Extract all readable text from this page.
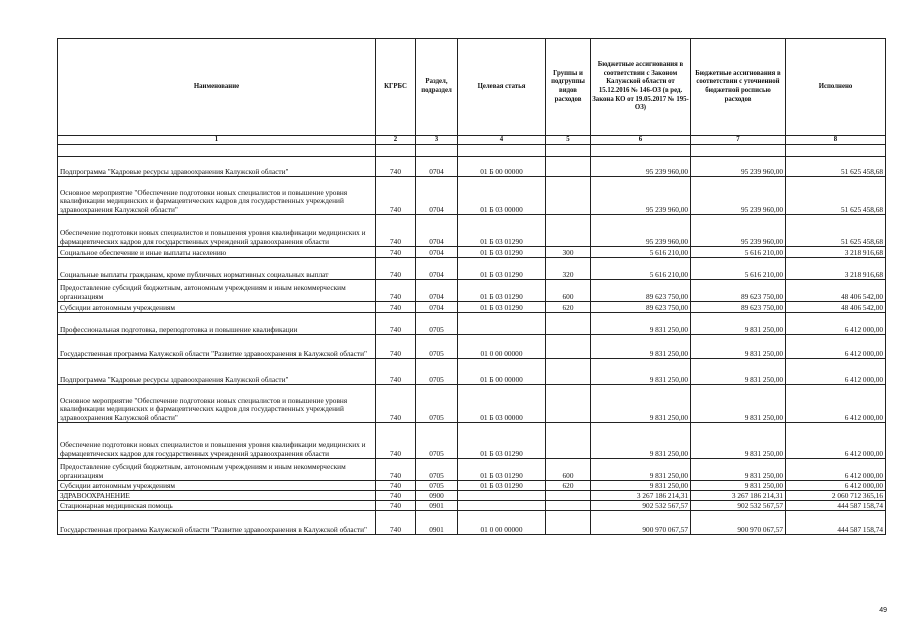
Наименование	КГРБС	Раздел, подраздел	Целевая статья	Группы и подгруппы видов расходов	Бюджетные ассигнования в соответствии с Законом Калужской области от 15.12.2016 № 146-ОЗ (в ред. Закона КО от 19.05.2017 № 195-ОЗ)	Бюджетные ассигнования в соответствии с уточненной бюджетной росписью расходов	Исполнено
1	2	3	4	5	6	7	8

Подпрограмма "Кадровые ресурсы здравоохранения Калужской области"	740	0704	01 Б 00 00000		95 239 960,00	95 239 960,00	51 625 458,68
Основное мероприятие "Обеспечение подготовки новых специалистов и повышение уровня квалификации медицинских и фармацевтических кадров для государственных учреждений здравоохранения Калужской области"	740	0704	01 Б 03 00000		95 239 960,00	95 239 960,00	51 625 458,68
Обеспечение подготовки новых специалистов и повышения уровня квалификации медицинских и фармацевтических кадров для государственных учреждений здравоохранения области	740	0704	01 Б 03 01290		95 239 960,00	95 239 960,00	51 625 458,68
Социальное обеспечение и иные выплаты населению	740	0704	01 Б 03 01290	300	5 616 210,00	5 616 210,00	3 218 916,68
Социальные выплаты гражданам, кроме публичных нормативных социальных выплат	740	0704	01 Б 03 01290	320	5 616 210,00	5 616 210,00	3 218 916,68
Предоставление субсидий бюджетным, автономным учреждениям и иным некоммерческим организациям	740	0704	01 Б 03 01290	600	89 623 750,00	89 623 750,00	48 406 542,00
Субсидии автономным учреждениям	740	0704	01 Б 03 01290	620	89 623 750,00	89 623 750,00	48 406 542,00
Профессиональная подготовка, переподготовка и повышение квалификации	740	0705			9 831 250,00	9 831 250,00	6 412 000,00
Государственная программа Калужской области "Развитие здравоохранения в Калужской области"	740	0705	01 0 00 00000		9 831 250,00	9 831 250,00	6 412 000,00
Подпрограмма "Кадровые ресурсы здравоохранения Калужской области"	740	0705	01 Б 00 00000		9 831 250,00	9 831 250,00	6 412 000,00
Основное мероприятие "Обеспечение подготовки новых специалистов и повышение уровня квалификации медицинских и фармацевтических кадров для государственных учреждений здравоохранения Калужской области"	740	0705	01 Б 03 00000		9 831 250,00	9 831 250,00	6 412 000,00
Обеспечение подготовки новых специалистов и повышения уровня квалификации медицинских и фармацевтических кадров для государственных учреждений здравоохранения области	740	0705	01 Б 03 01290		9 831 250,00	9 831 250,00	6 412 000,00
Предоставление субсидий бюджетным, автономным учреждениям и иным некоммерческим организациям	740	0705	01 Б 03 01290	600	9 831 250,00	9 831 250,00	6 412 000,00
Субсидии автономным учреждениям	740	0705	01 Б 03 01290	620	9 831 250,00	9 831 250,00	6 412 000,00
ЗДРАВООХРАНЕНИЕ	740	0900			3 267 186 214,31	3 267 186 214,31	2 060 712 365,16
Стационарная медицинская помощь	740	0901			902 532 567,57	902 532 567,57	444 587 158,74
Государственная программа Калужской области "Развитие здравоохранения в Калужской области"	740	0901	01 0 00 00000		900 970 067,57	900 970 067,57	444 587 158,74
49
